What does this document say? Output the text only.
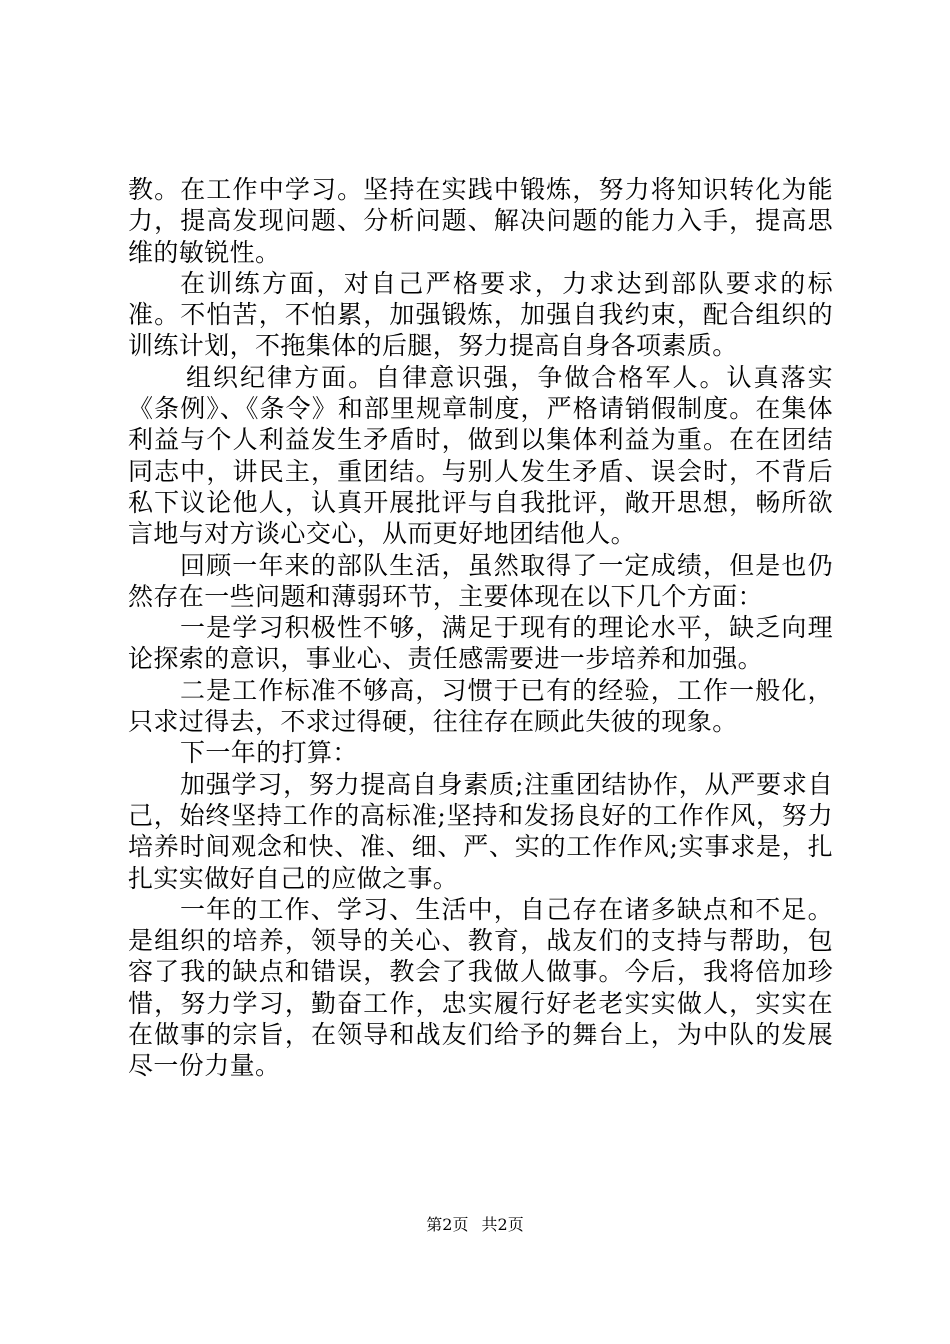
教。在工作中学习。坚持在实践中锻炼，努力将知识转化为能力，提高发现问题、分析问题、解决问题的能力入手，提高思维的敏锐性。

在训练方面，对自己严格要求，力求达到部队要求的标准。不怕苦，不怕累，加强锻炼，加强自我约束，配合组织的训练计划，不拖集体的后腿，努力提高自身各项素质。

组织纪律方面。自律意识强，争做合格军人。认真落实《条例》、《条令》和部里规章制度，严格请销假制度。在集体利益与个人利益发生矛盾时，做到以集体利益为重。在在团结同志中，讲民主，重团结。与别人发生矛盾、误会时，不背后私下议论他人，认真开展批评与自我批评，敞开思想，畅所欲言地与对方谈心交心，从而更好地团结他人。

回顾一年来的部队生活，虽然取得了一定成绩，但是也仍然存在一些问题和薄弱环节，主要体现在以下几个方面：

一是学习积极性不够，满足于现有的理论水平，缺乏向理论探索的意识，事业心、责任感需要进一步培养和加强。

二是工作标准不够高，习惯于已有的经验，工作一般化，只求过得去，不求过得硬，往往存在顾此失彼的现象。

下一年的打算：

加强学习，努力提高自身素质;注重团结协作，从严要求自己，始终坚持工作的高标准;坚持和发扬良好的工作作风，努力培养时间观念和快、准、细、严、实的工作作风;实事求是，扎扎实实做好自己的应做之事。

一年的工作、学习、生活中，自己存在诸多缺点和不足。是组织的培养，领导的关心、教育，战友们的支持与帮助，包容了我的缺点和错误，教会了我做人做事。今后，我将倍加珍惜，努力学习，勤奋工作，忠实履行好老老实实做人，实实在在做事的宗旨，在领导和战友们给予的舞台上，为中队的发展尽一份力量。

第2页 共2页
